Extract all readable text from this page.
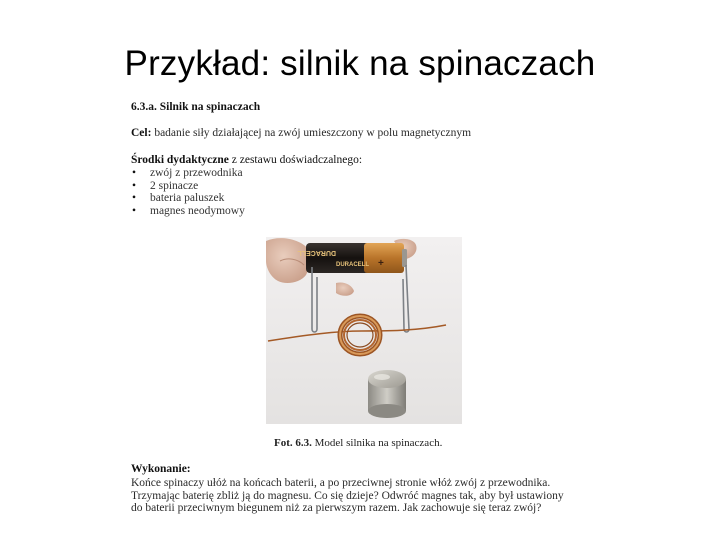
Przykład: silnik na spinaczach
6.3.a. Silnik na spinaczach
Cel: badanie siły działającej na zwój umieszczony w polu magnetycznym
Środki dydaktyczne z zestawu doświadczalnego:
• zwój z przewodnika
• 2 spinacze
• bateria paluszek
• magnes neodymowy
DURACELL
DURACELL +
Fot. 6.3. Model silnika na spinaczach.
Wykonanie:
Końce spinaczy ułóż na końcach baterii, a po przeciwnej stronie włóż zwój z przewodnika.
Trzymając baterię zbliż ją do magnesu. Co się dzieje? Odwróć magnes tak, aby był ustawiony
do baterii przeciwnym biegunem niż za pierwszym razem. Jak zachowuje się teraz zwój?
